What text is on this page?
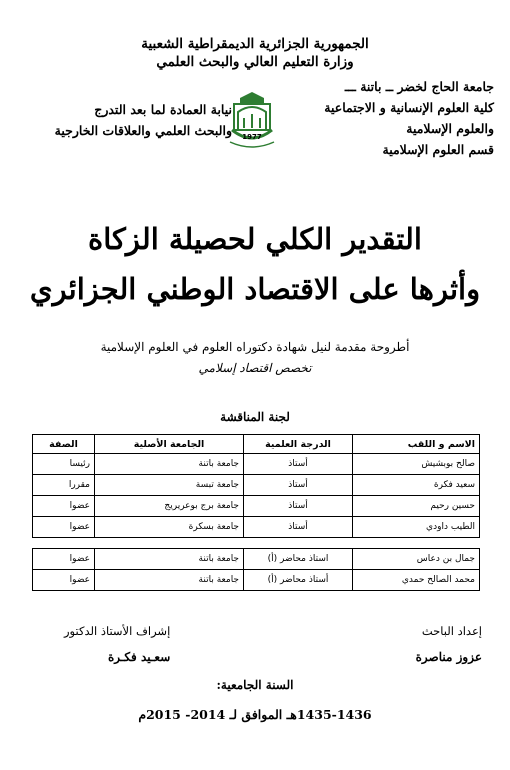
الجمهورية الجزائرية الديمقراطية الشعبية
وزارة التعليم العالي والبحث العلمي
جامعة الحاج لخضر ــ باتنة ـــ
كلية العلوم الإنسانية و الاجتماعية
والعلوم الإسلامية
قسم العلوم الإسلامية
نيابة العمادة لما بعد التدرج
والبحث العلمي والعلاقات الخارجية 1977
التقدير الكلي لحصيلة الزكاة
وأثرها على الاقتصاد الوطني الجزائري
أطروحة مقدمة لنيل شهادة دكتوراه العلوم في العلوم الإسلامية
تخصص اقتصاد إسلامي
لجنة المناقشة
الاسم و اللقب	الدرجة العلمية	الجامعة الأصلية	الصفة
صالح بوبشيش	أستاذ	جامعة باتنة	رئيسا
سعيد فكرة	أستاذ	جامعة تبسة	مقررا
حسين رحيم	أستاذ	جامعة برج بوعريريج	عضوا
الطيب داودي	أستاذ	جامعة بسكرة	عضوا

جمال بن دعاس	استاذ محاضر (أ)	جامعة باتنة	عضوا
محمد الصالح حمدي	أستاذ محاضر (أ)	جامعة باتنة	عضوا
إعداد الباحث
عزوز مناصرة
إشراف الأستاذ الدكتور
سعـيد فكـرة
السنة الجامعية:
1435-1436هـ الموافق لـ 2014- 2015م
